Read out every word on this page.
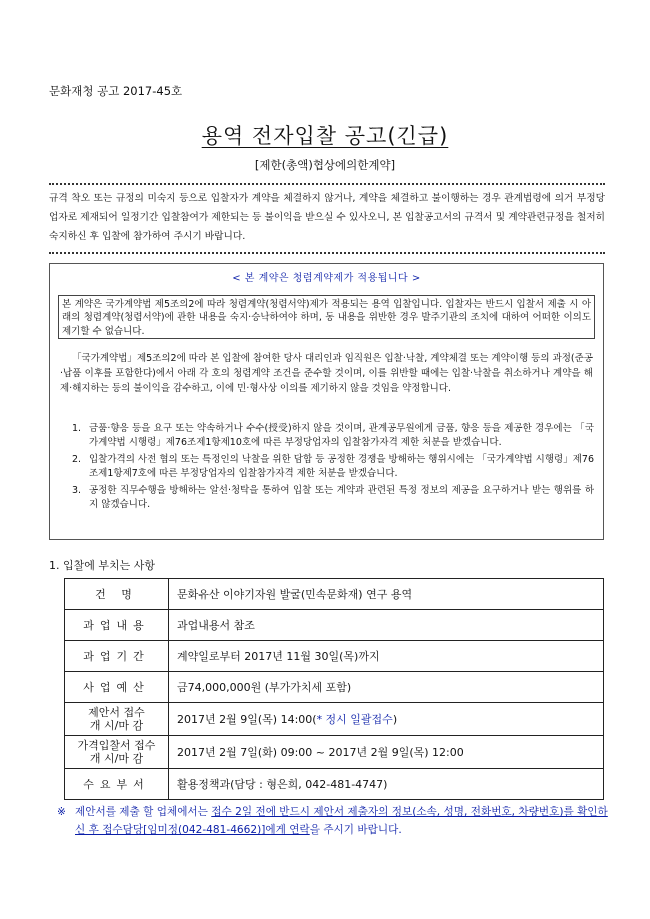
문화재청 공고 2017-45호
용역 전자입찰 공고(긴급)
[제한(총액)협상에의한계약]
규격 착오 또는 규정의 미숙지 등으로 입찰자가 계약을 체결하지 않거나, 계약을 체결하고 불이행하는 경우 관계법령에 의거 부정당업자로 제재되어 일정기간 입찰참여가 제한되는 등 불이익을 받으실 수 있사오니, 본 입찰공고서의 규격서 및 계약관련규정을 철저히 숙지하신 후 입찰에 참가하여 주시기 바랍니다.
< 본 계약은 청렴계약제가 적용됩니다 >
본 계약은 국가계약법 제5조의2에 따라 청렴계약(청렴서약)제가 적용되는 용역 입찰입니다. 입찰자는 반드시 입찰서 제출 시 아래의 청렴계약(청렴서약)에 관한 내용을 숙지·승낙하여야 하며, 동 내용을 위반한 경우 발주기관의 조치에 대하여 어떠한 이의도 제기할 수 없습니다.
「국가계약법」제5조의2에 따라 본 입찰에 참여한 당사 대리인과 임직원은 입찰·낙찰, 계약체결 또는 계약이행 등의 과정(준공·납품 이후를 포함한다)에서 아래 각 호의 청렴계약 조건을 준수할 것이며, 이를 위반할 때에는 입찰·낙찰을 취소하거나 계약을 해제·해지하는 등의 불이익을 감수하고, 이에 민·형사상 이의를 제기하지 않을 것임을 약정합니다.
1. 금품·향응 등을 요구 또는 약속하거나 수수(授受)하지 않을 것이며, 관계공무원에게 금품, 향응 등을 제공한 경우에는 「국가계약법 시행령」제76조제1항제10호에 따른 부정당업자의 입찰참가자격 제한 처분을 받겠습니다.
2. 입찰가격의 사전 협의 또는 특정인의 낙찰을 위한 담합 등 공정한 경쟁을 방해하는 행위시에는 「국가계약법 시행령」제76조제1항제7호에 따른 부정당업자의 입찰참가자격 제한 처분을 받겠습니다.
3. 공정한 직무수행을 방해하는 알선·청탁을 통하여 입찰 또는 계약과 관련된 특정 정보의 제공을 요구하거나 받는 행위를 하지 않겠습니다.
1. 입찰에 부치는 사항
건 명	문화유산 이야기자원 발굴(민속문화재) 연구 용역
과업내용	과업내용서 참조
과업기간	계약일로부터 2017년 11월 30일(목)까지
사업예산	금74,000,000원 (부가가치세 포함)
제안서 접수
개 시/마 감	2017년 2월 9일(목) 14:00(* 정시 일괄접수)
가격입찰서 접수
개 시/마 감	2017년 2월 7일(화) 09:00 ~ 2017년 2월 9일(목) 12:00
수요부서	활용정책과(담당 : 형은희, 042-481-4747)
※ 제안서를 제출 할 업체에서는 접수 2일 전에 반드시 제안서 제출자의 정보(소속, 성명, 전화번호, 차량번호)를 확인하신 후 접수담당[임미정(042-481-4662)]에게 연락을 주시기 바랍니다.
